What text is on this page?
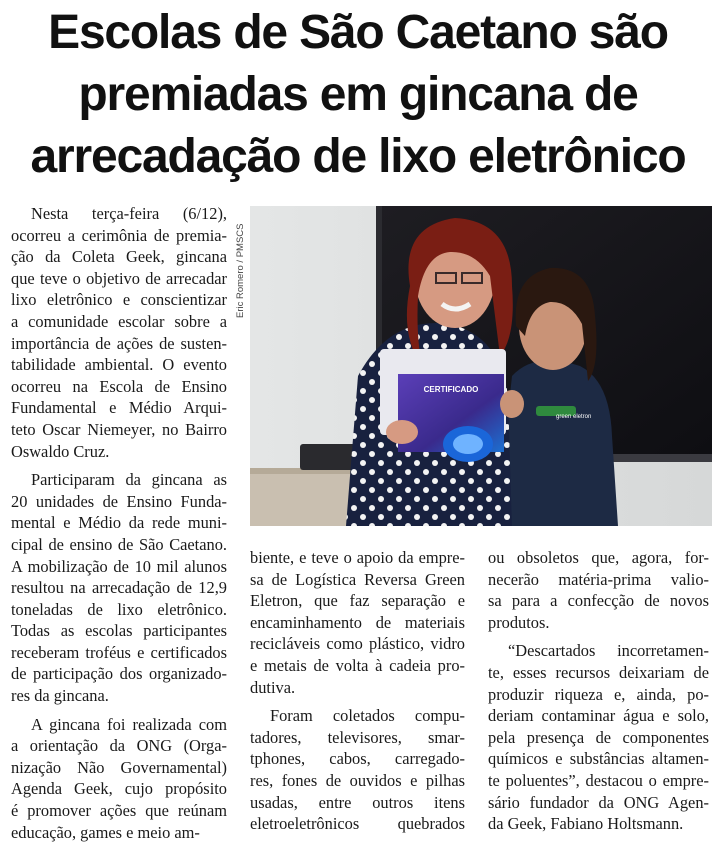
Escolas de São Caetano são
premiadas em gincana de
arrecadação de lixo eletrônico
Eric Romero / PMSCS
CERTIFICADO
green eletron
Nesta terça-feira (6/12),
ocorreu a cerimônia de premia-
ção da Coleta Geek, gincana
que teve o objetivo de arrecadar
lixo eletrônico e conscientizar
a comunidade escolar sobre a
importância de ações de susten-
tabilidade ambiental. O evento
ocorreu na Escola de Ensino
Fundamental e Médio Arqui-
teto Oscar Niemeyer, no Bairro
Oswaldo Cruz.
Participaram da gincana as
20 unidades de Ensino Funda-
mental e Médio da rede muni-
cipal de ensino de São Caetano.
A mobilização de 10 mil alunos
resultou na arrecadação de 12,9
toneladas de lixo eletrônico.
Todas as escolas participantes
receberam troféus e certificados
de participação dos organizado-
res da gincana.
A gincana foi realizada com
a orientação da ONG (Orga-
nização Não Governamental)
Agenda Geek, cujo propósito
é promover ações que reúnam
educação, games e meio am-
biente, e teve o apoio da empre-
sa de Logística Reversa Green
Eletron, que faz separação e
encaminhamento de materiais
recicláveis como plástico, vidro
e metais de volta à cadeia pro-
dutiva.
Foram coletados compu-
tadores, televisores, smar-
tphones, cabos, carregado-
res, fones de ouvidos e pilhas
usadas, entre outros itens
eletroeletrônicos quebrados
ou obsoletos que, agora, for-
necerão matéria-prima valio-
sa para a confecção de novos
produtos.
“Descartados incorretamen-
te, esses recursos deixariam de
produzir riqueza e, ainda, po-
deriam contaminar água e solo,
pela presença de componentes
químicos e substâncias altamen-
te poluentes”, destacou o empre-
sário fundador da ONG Agen-
da Geek, Fabiano Holtsmann.
